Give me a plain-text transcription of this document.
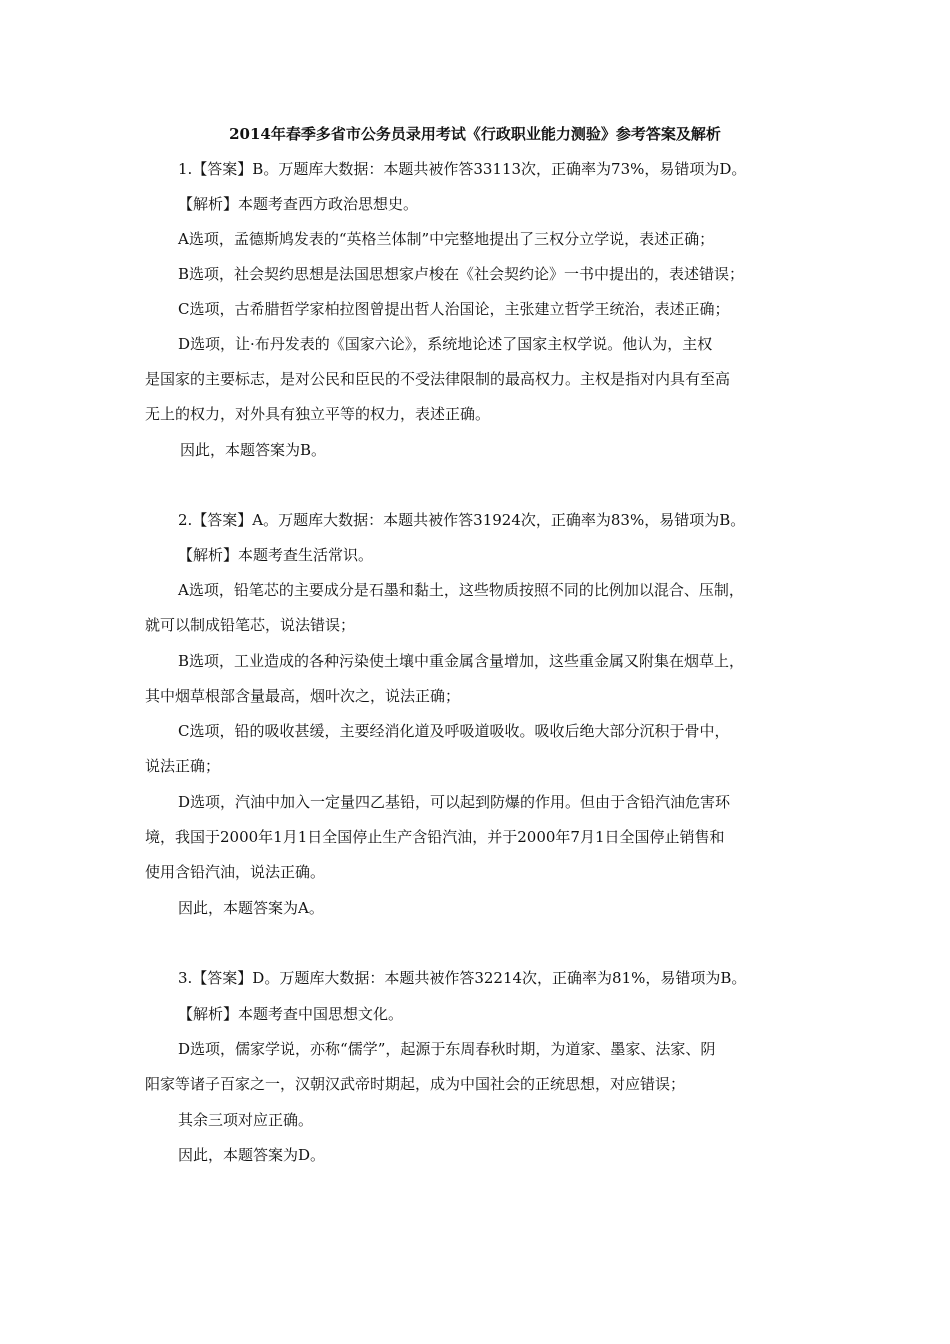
2014年春季多省市公务员录用考试《行政职业能力测验》参考答案及解析
1.【答案】B。万题库大数据：本题共被作答33113次，正确率为73%，易错项为D。
【解析】本题考查西方政治思想史。
A选项，孟德斯鸠发表的“英格兰体制”中完整地提出了三权分立学说，表述正确；
B选项，社会契约思想是法国思想家卢梭在《社会契约论》一书中提出的，表述错误；
C选项，古希腊哲学家柏拉图曾提出哲人治国论，主张建立哲学王统治，表述正确；
D选项，让·布丹发表的《国家六论》，系统地论述了国家主权学说。他认为，主权
是国家的主要标志，是对公民和臣民的不受法律限制的最高权力。主权是指对内具有至高
无上的权力，对外具有独立平等的权力，表述正确。
因此，本题答案为B。
2.【答案】A。万题库大数据：本题共被作答31924次，正确率为83%，易错项为B。
【解析】本题考查生活常识。
A选项，铅笔芯的主要成分是石墨和黏土，这些物质按照不同的比例加以混合、压制，
就可以制成铅笔芯，说法错误；
B选项，工业造成的各种污染使土壤中重金属含量增加，这些重金属又附集在烟草上，
其中烟草根部含量最高，烟叶次之，说法正确；
C选项，铅的吸收甚缓，主要经消化道及呼吸道吸收。吸收后绝大部分沉积于骨中，
说法正确；
D选项，汽油中加入一定量四乙基铅，可以起到防爆的作用。但由于含铅汽油危害环
境，我国于2000年1月1日全国停止生产含铅汽油，并于2000年7月1日全国停止销售和
使用含铅汽油，说法正确。
因此，本题答案为A。
3.【答案】D。万题库大数据：本题共被作答32214次，正确率为81%，易错项为B。
【解析】本题考查中国思想文化。
D选项，儒家学说，亦称“儒学”，起源于东周春秋时期，为道家、墨家、法家、阴
阳家等诸子百家之一，汉朝汉武帝时期起，成为中国社会的正统思想，对应错误；
其余三项对应正确。
因此，本题答案为D。
